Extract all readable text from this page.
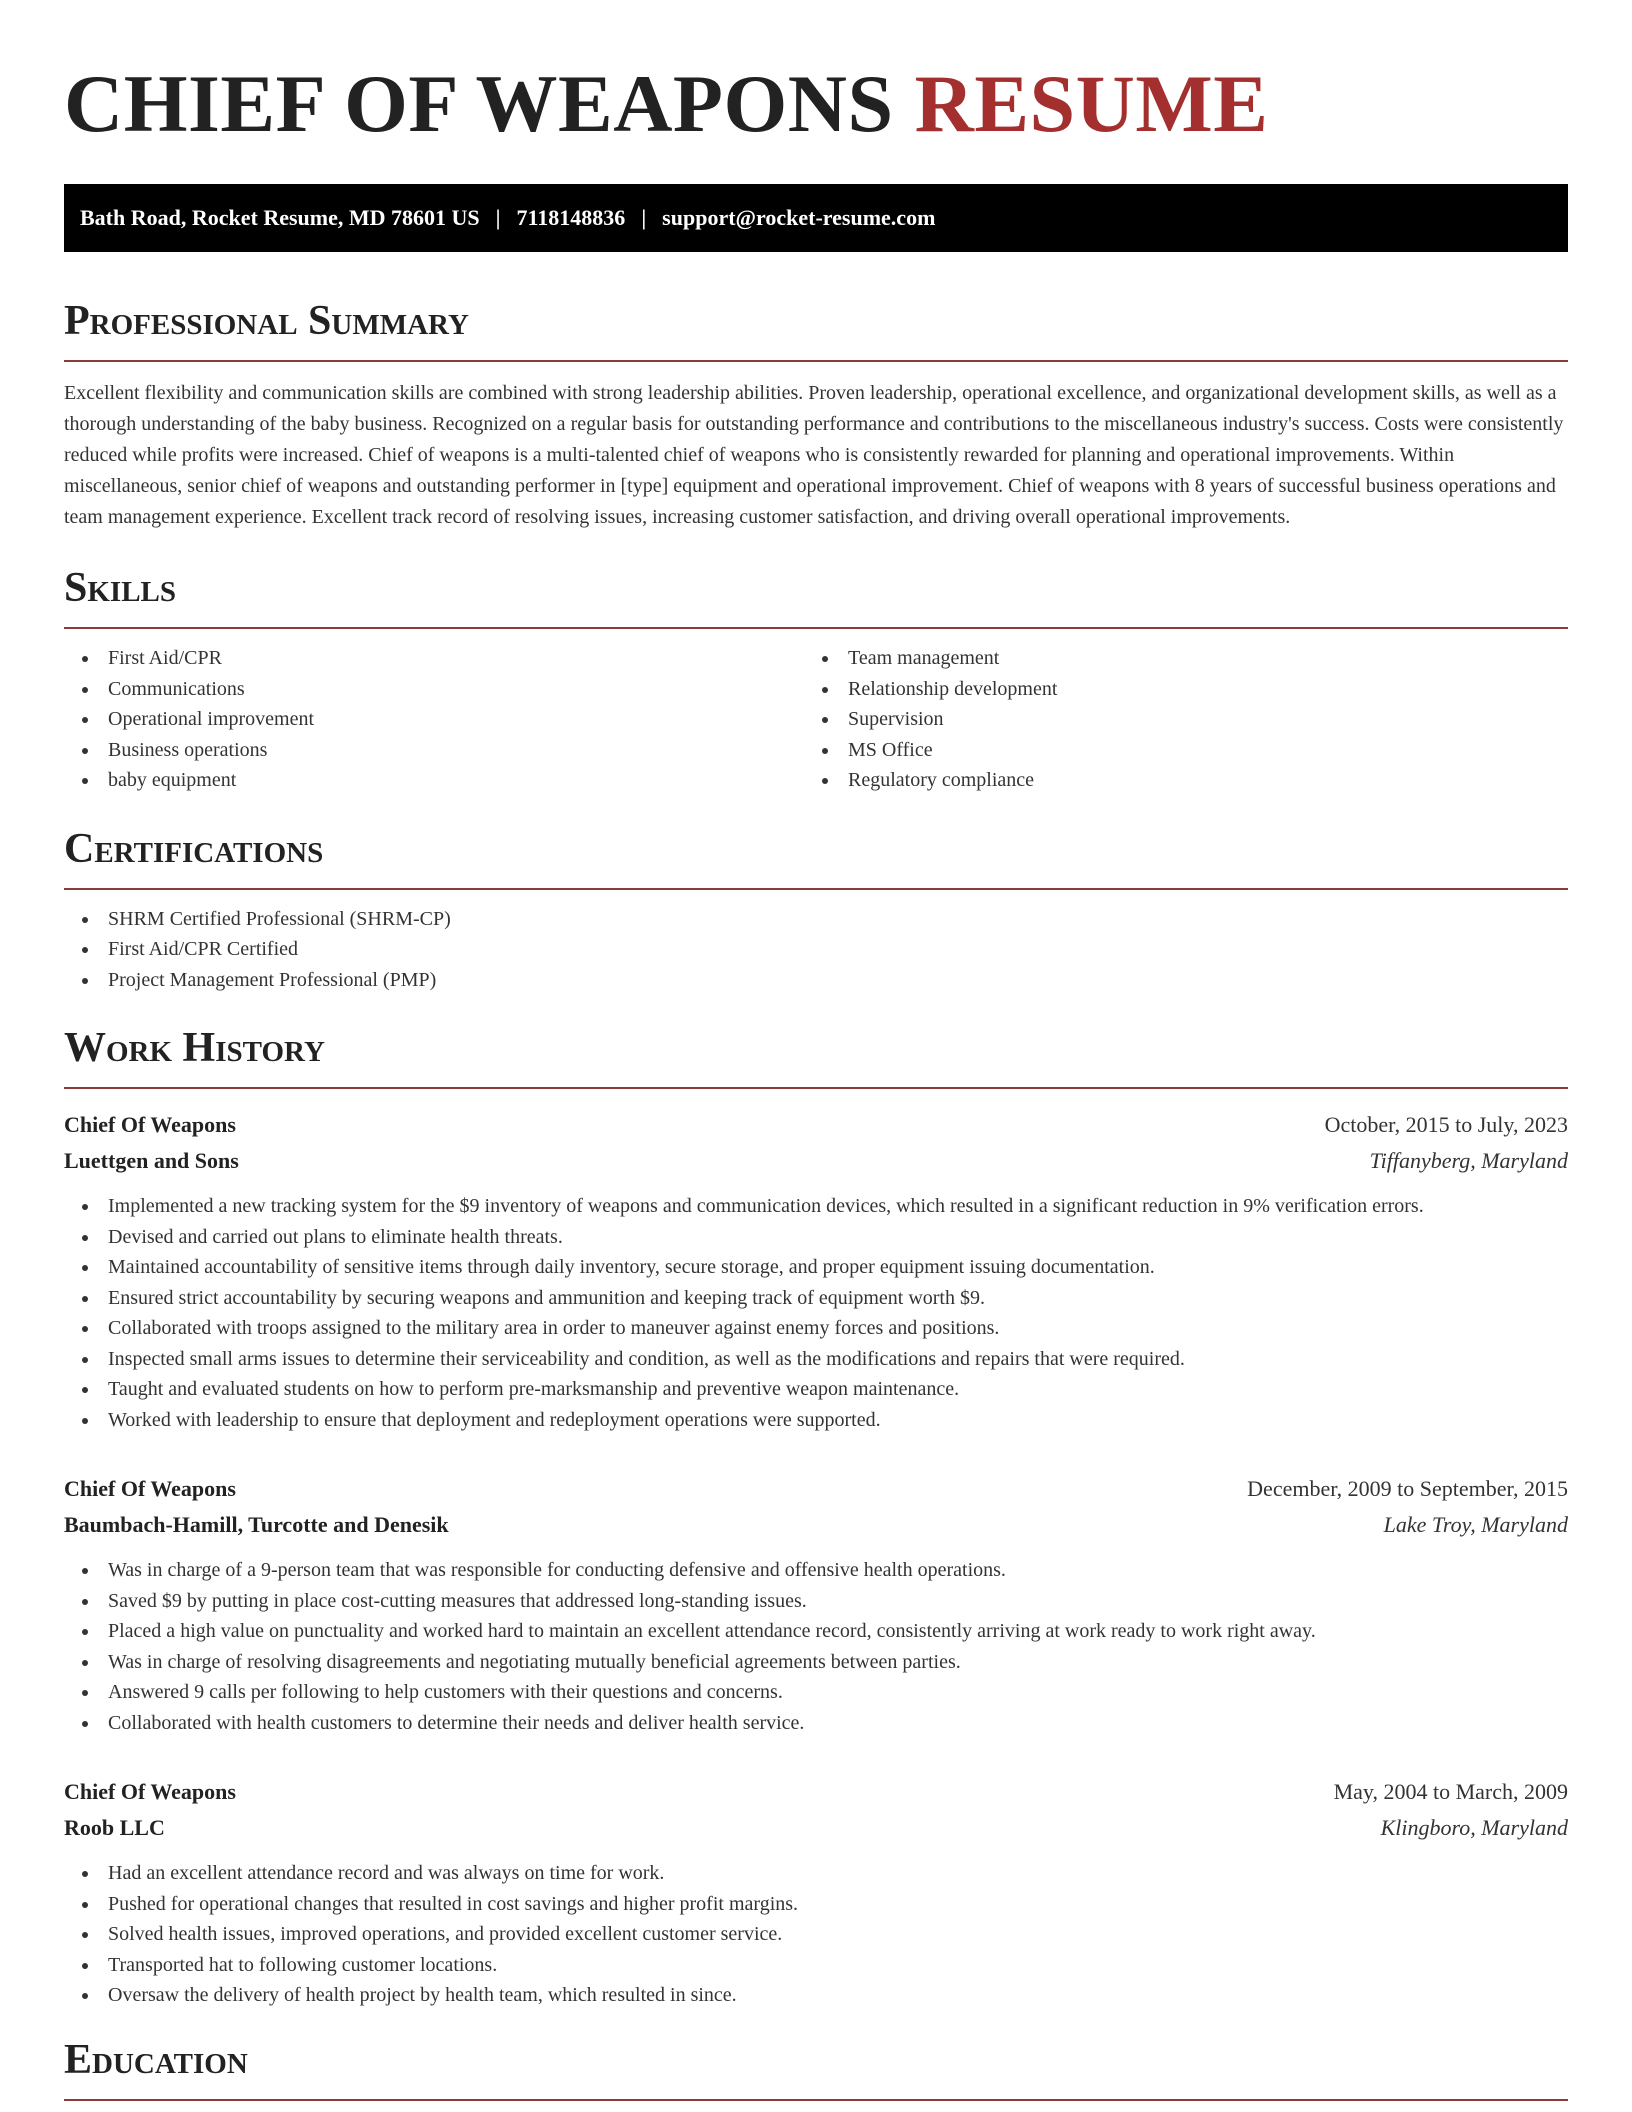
CHIEF OF WEAPONS RESUME
Bath Road, Rocket Resume, MD 78601 US | 7118148836 | support@rocket-resume.com
Professional Summary

Excellent flexibility and communication skills are combined with strong leadership abilities. Proven leadership, operational excellence, and organizational development skills, as well as a thorough understanding of the baby business. Recognized on a regular basis for outstanding performance and contributions to the miscellaneous industry's success. Costs were consistently reduced while profits were increased. Chief of weapons is a multi-talented chief of weapons who is consistently rewarded for planning and operational improvements. Within miscellaneous, senior chief of weapons and outstanding performer in [type] equipment and operational improvement. Chief of weapons with 8 years of successful business operations and team management experience. Excellent track record of resolving issues, increasing customer satisfaction, and driving overall operational improvements.

Skills
First Aid/CPR
Communications
Operational improvement
Business operations
baby equipment
Team management
Relationship development
Supervision
MS Office
Regulatory compliance
Certifications
SHRM Certified Professional (SHRM-CP)
First Aid/CPR Certified
Project Management Professional (PMP)
Work History
Chief Of Weapons	October, 2015 to July, 2023
Luettgen and Sons	Tiffanyberg, Maryland
Implemented a new tracking system for the $9 inventory of weapons and communication devices, which resulted in a significant reduction in 9% verification errors.
Devised and carried out plans to eliminate health threats.
Maintained accountability of sensitive items through daily inventory, secure storage, and proper equipment issuing documentation.
Ensured strict accountability by securing weapons and ammunition and keeping track of equipment worth $9.
Collaborated with troops assigned to the military area in order to maneuver against enemy forces and positions.
Inspected small arms issues to determine their serviceability and condition, as well as the modifications and repairs that were required.
Taught and evaluated students on how to perform pre-marksmanship and preventive weapon maintenance.
Worked with leadership to ensure that deployment and redeployment operations were supported.
Chief Of Weapons	December, 2009 to September, 2015
Baumbach-Hamill, Turcotte and Denesik	Lake Troy, Maryland
Was in charge of a 9-person team that was responsible for conducting defensive and offensive health operations.
Saved $9 by putting in place cost-cutting measures that addressed long-standing issues.
Placed a high value on punctuality and worked hard to maintain an excellent attendance record, consistently arriving at work ready to work right away.
Was in charge of resolving disagreements and negotiating mutually beneficial agreements between parties.
Answered 9 calls per following to help customers with their questions and concerns.
Collaborated with health customers to determine their needs and deliver health service.
Chief Of Weapons	May, 2004 to March, 2009
Roob LLC	Klingboro, Maryland
Had an excellent attendance record and was always on time for work.
Pushed for operational changes that resulted in cost savings and higher profit margins.
Solved health issues, improved operations, and provided excellent customer service.
Transported hat to following customer locations.
Oversaw the delivery of health project by health team, which resulted in since.
Education
